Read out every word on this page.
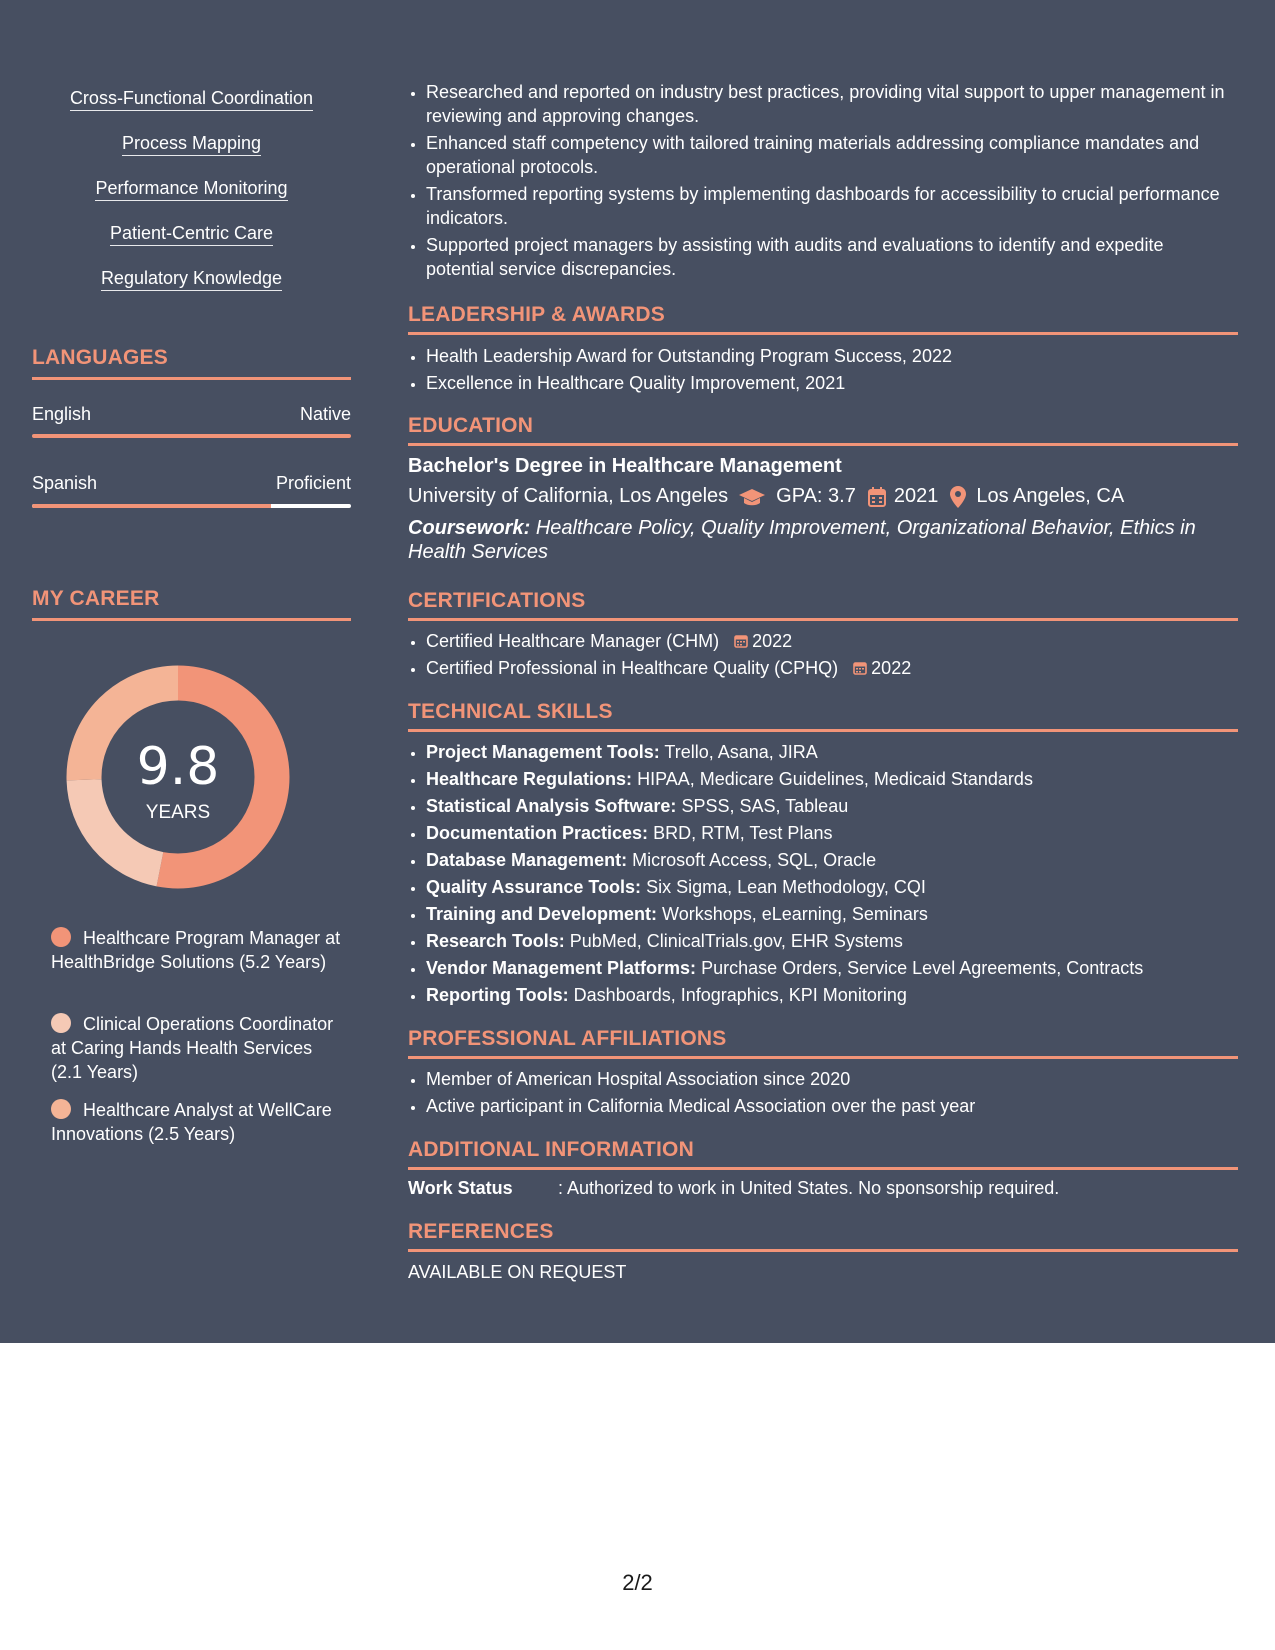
Cross-Functional Coordination
Process Mapping
Performance Monitoring
Patient-Centric Care
Regulatory Knowledge
LANGUAGES
English	Native
Spanish	Proficient
MY CAREER
9.8
YEARS
Healthcare Program Manager at HealthBridge Solutions (5.2 Years)
Clinical Operations Coordinator at Caring Hands Health Services (2.1 Years)
Healthcare Analyst at WellCare Innovations (2.5 Years)
• Researched and reported on industry best practices, providing vital support to upper management in reviewing and approving changes.
• Enhanced staff competency with tailored training materials addressing compliance mandates and operational protocols.
• Transformed reporting systems by implementing dashboards for accessibility to crucial performance indicators.
• Supported project managers by assisting with audits and evaluations to identify and expedite potential service discrepancies.
LEADERSHIP & AWARDS
• Health Leadership Award for Outstanding Program Success, 2022
• Excellence in Healthcare Quality Improvement, 2021
EDUCATION
Bachelor's Degree in Healthcare Management
University of California, Los Angeles GPA: 3.7 2021 Los Angeles, CA
Coursework: Healthcare Policy, Quality Improvement, Organizational Behavior, Ethics in Health Services
CERTIFICATIONS
• Certified Healthcare Manager (CHM) 2022
• Certified Professional in Healthcare Quality (CPHQ) 2022
TECHNICAL SKILLS
• Project Management Tools: Trello, Asana, JIRA
• Healthcare Regulations: HIPAA, Medicare Guidelines, Medicaid Standards
• Statistical Analysis Software: SPSS, SAS, Tableau
• Documentation Practices: BRD, RTM, Test Plans
• Database Management: Microsoft Access, SQL, Oracle
• Quality Assurance Tools: Six Sigma, Lean Methodology, CQI
• Training and Development: Workshops, eLearning, Seminars
• Research Tools: PubMed, ClinicalTrials.gov, EHR Systems
• Vendor Management Platforms: Purchase Orders, Service Level Agreements, Contracts
• Reporting Tools: Dashboards, Infographics, KPI Monitoring
PROFESSIONAL AFFILIATIONS
• Member of American Hospital Association since 2020
• Active participant in California Medical Association over the past year
ADDITIONAL INFORMATION
Work Status	: Authorized to work in United States. No sponsorship required.
REFERENCES
AVAILABLE ON REQUEST
2/2
